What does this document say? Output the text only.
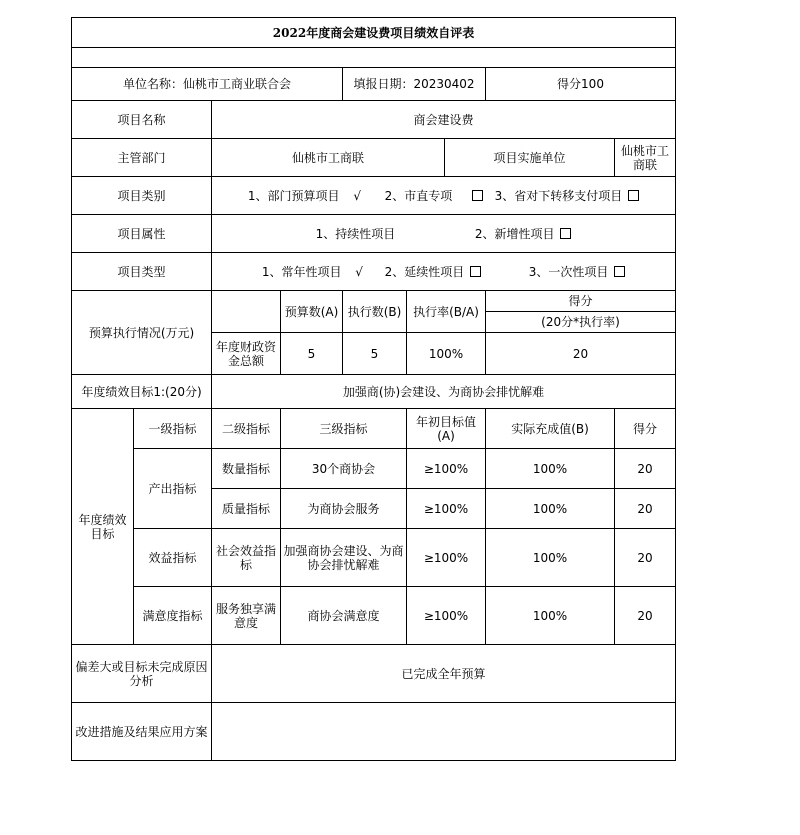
2022年度商会建设费项目绩效自评表								

单位名称：仙桃市工商业联合会				填报日期：20230402			得分100	
项目名称		商会建设费						
主管部门		仙桃市工商联				项目实施单位		仙桃市工商联
项目类别		1、部门预算项目 √ 2、市直专项 3、省对下转移支付项目						
项目属性		1、持续性项目 2、新增性项目						
项目类型		1、常年性项目 √ 2、延续性项目 3、一次性项目						
预算执行情况(万元)			预算数(A)	执行数(B)	执行率(B/A)		得分	
							(20分*执行率)	
		年度财政资金总额	5	5	100%		20	
年度绩效目标1:(20分)		加强商(协)会建设、为商协会排忧解难						
年度绩效目标	一级指标	二级指标	三级指标		年初目标值(A)		实际充成值(B)	得分
	产出指标	数量指标	30个商协会		≥100%		100%	20
		质量指标	为商协会服务		≥100%		100%	20
	效益指标	社会效益指标	加强商协会建设、为商协会排忧解难		≥100%		100%	20
	满意度指标	服务独享满意度	商协会满意度		≥100%		100%	20
偏差大或目标未完成原因分析		已完成全年预算						
改进措施及结果应用方案								
